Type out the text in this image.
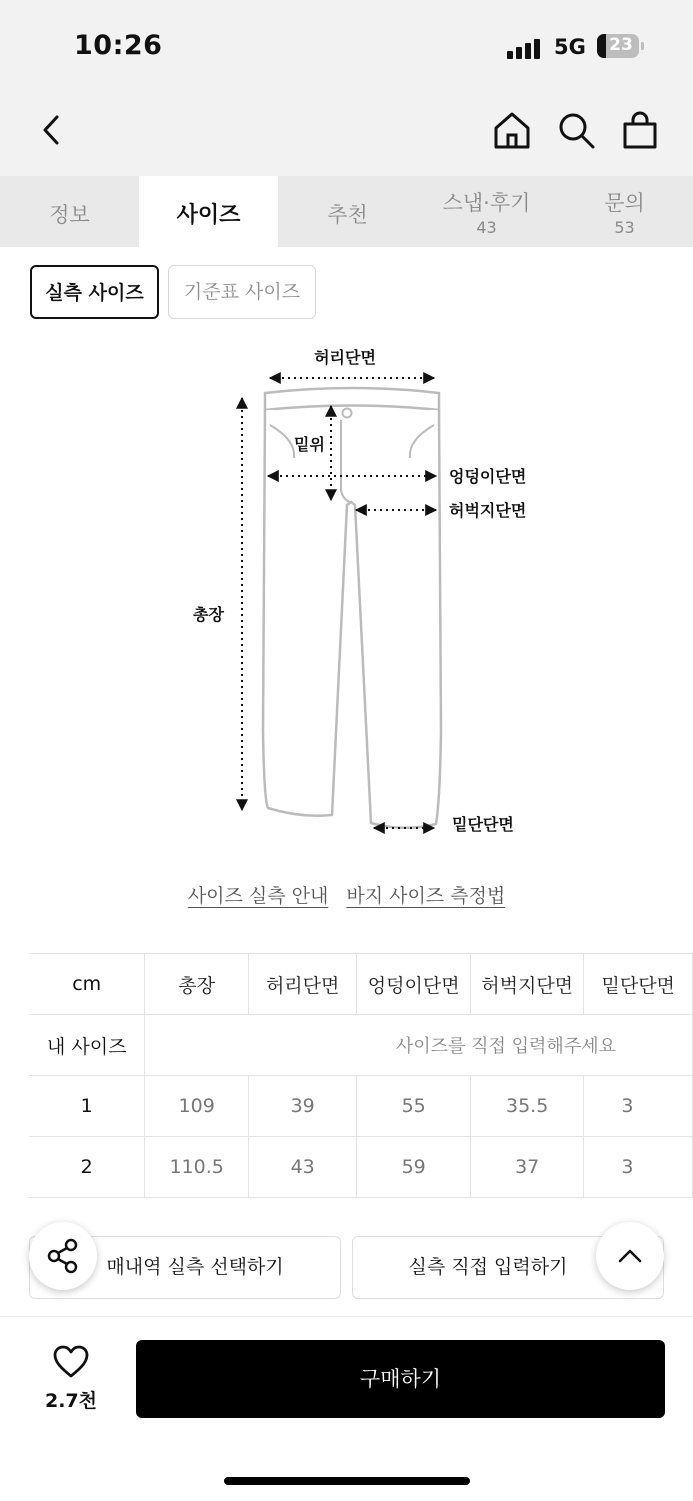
10:26	5G 23
정보	사이즈	추천	스냅·후기
43
문의
53
실측 사이즈	기준표 사이즈
허리단면
밑위
엉덩이단면
허벅지단면
총장
밑단단면
사이즈 실측 안내 바지 사이즈 측정법
cm	총장	허리단면	엉덩이단면	허벅지단면	밑단단면
내 사이즈	사이즈를 직접 입력해주세요				
1	109	39	55	35.5	3
2	110.5	43	59	37	3
매내역 실측 선택하기	실측 직접 입력하기
2.7천
구매하기
